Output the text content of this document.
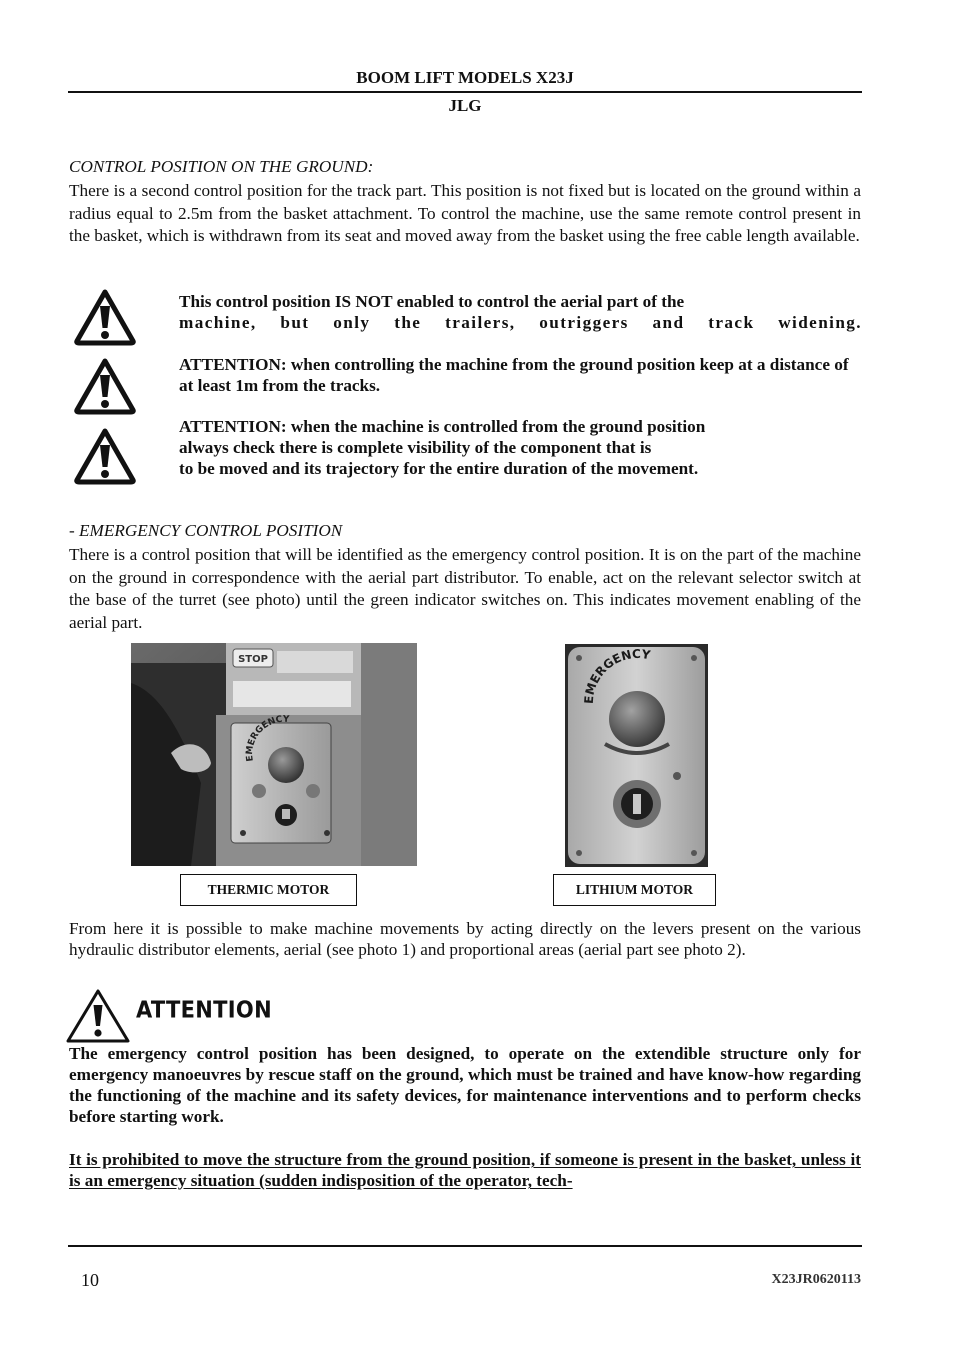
BOOM LIFT MODELS X23J
JLG
CONTROL POSITION ON THE GROUND:
There is a second control position for the track part. This position is not fixed but is located on the ground within a radius equal to 2.5m from the basket attachment. To control the machine, use the same remote control present in the basket, which is withdrawn from its seat and moved away from the basket using the free cable length available.
This control position IS NOT enabled to control the aerial part of the
machine, but only the trailers, outriggers and track widening.
ATTENTION: when controlling the machine from the ground position keep at a distance of at least 1m from the tracks.
ATTENTION: when the machine is controlled from the ground position
always check there is complete visibility of the component that is
to be moved and its trajectory for the entire duration of the movement.
- EMERGENCY CONTROL POSITION
There is a control position that will be identified as the emergency control position. It is on the part of the machine on the ground in correspondence with the aerial part distributor. To enable, act on the relevant selector switch at the base of the turret (see photo) until the green indicator switches on. This indicates movement enabling of the aerial part.
STOP
EMERGENCY
EMERGENCY
THERMIC MOTOR	LITHIUM MOTOR
From here it is possible to make machine movements by acting directly on the levers present on the various hydraulic distributor elements, aerial (see photo 1) and proportional areas (aerial part see photo 2).
ATTENTION
The emergency control position has been designed, to operate on the extendible structure only for emergency manoeuvres by rescue staff on the ground, which must be trained and have know-how regarding the functioning of the machine and its safety devices, for maintenance interventions and to perform checks before starting work.
It is prohibited to move the structure from the ground position, if someone is present in the basket, unless it is an emergency situation (sudden indisposition of the operator, tech-
10	X23JR0620113
